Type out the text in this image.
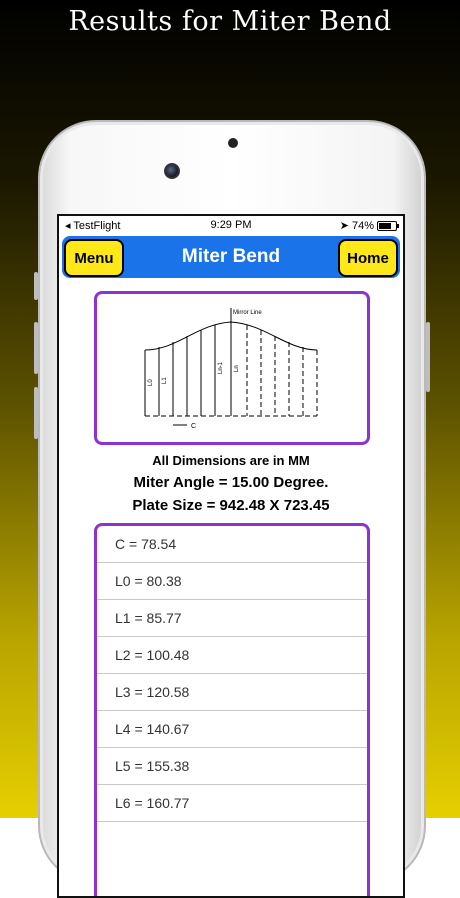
Results for Miter Bend
◂ TestFlight	9:29 PM	➤ 74%
Menu	Miter Bend	Home
C
Mirror Line
L0 L1
Ln-1 Ln
All Dimensions are in MM
Miter Angle = 15.00 Degree.
Plate Size = 942.48 X 723.45
C = 78.54
L0 = 80.38
L1 = 85.77
L2 = 100.48
L3 = 120.58
L4 = 140.67
L5 = 155.38
L6 = 160.77
